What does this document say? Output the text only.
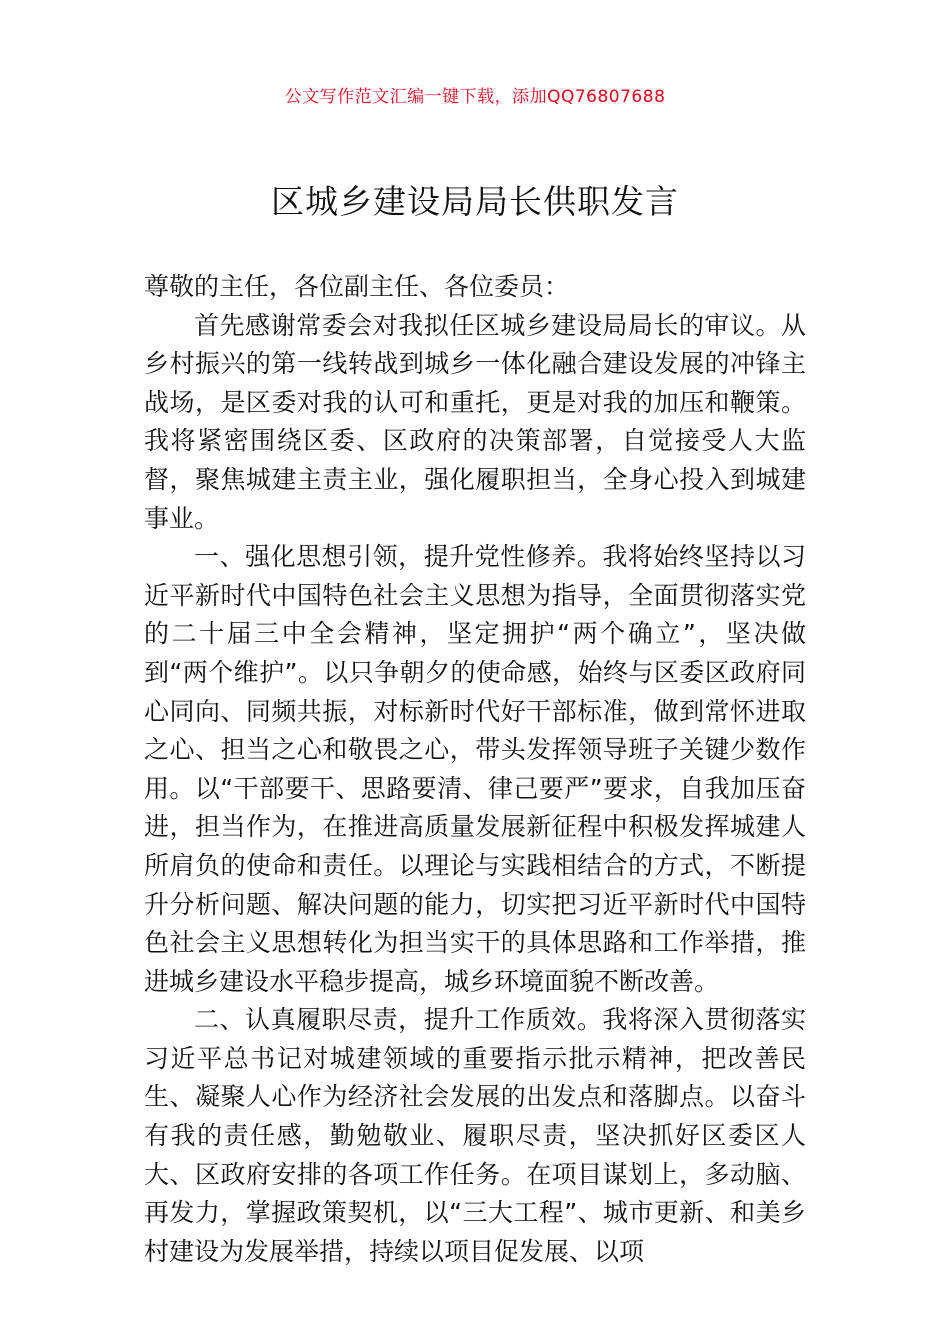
公文写作范文汇编一键下载，添加QQ76807688
区城乡建设局局长供职发言

尊敬的主任，各位副主任、各位委员：

首先感谢常委会对我拟任区城乡建设局局长的审议。从乡村振兴的第一线转战到城乡一体化融合建设发展的冲锋主战场，是区委对我的认可和重托，更是对我的加压和鞭策。我将紧密围绕区委、区政府的决策部署，自觉接受人大监督，聚焦城建主责主业，强化履职担当，全身心投入到城建事业。

一、强化思想引领，提升党性修养。我将始终坚持以习近平新时代中国特色社会主义思想为指导，全面贯彻落实党的二十届三中全会精神，坚定拥护“两个确立”，坚决做到“两个维护”。以只争朝夕的使命感，始终与区委区政府同心同向、同频共振，对标新时代好干部标准，做到常怀进取之心、担当之心和敬畏之心，带头发挥领导班子关键少数作用。以“干部要干、思路要清、律己要严”要求，自我加压奋进，担当作为，在推进高质量发展新征程中积极发挥城建人所肩负的使命和责任。以理论与实践相结合的方式，不断提升分析问题、解决问题的能力，切实把习近平新时代中国特色社会主义思想转化为担当实干的具体思路和工作举措，推进城乡建设水平稳步提高，城乡环境面貌不断改善。

二、认真履职尽责，提升工作质效。我将深入贯彻落实习近平总书记对城建领域的重要指示批示精神，把改善民生、凝聚人心作为经济社会发展的出发点和落脚点。以奋斗有我的责任感，勤勉敬业、履职尽责，坚决抓好区委区人大、区政府安排的各项工作任务。在项目谋划上，多动脑、再发力，掌握政策契机，以“三大工程”、城市更新、和美乡村建设为发展举措，持续以项目促发展、以项
